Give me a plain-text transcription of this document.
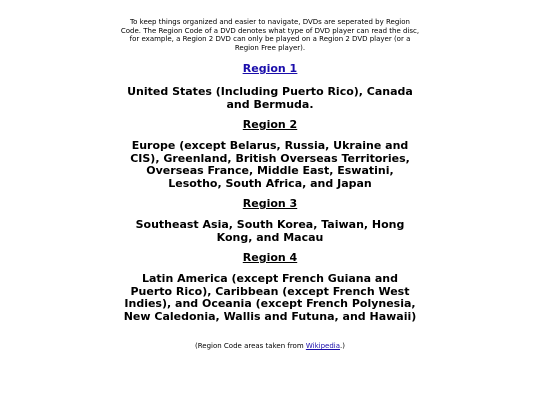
To keep things organized and easier to navigate, DVDs are seperated by Region Code. The Region Code of a DVD denotes what type of DVD player can read the disc, for example, a Region 2 DVD can only be played on a Region 2 DVD player (or a Region Free player).
Region 1
United States (Including Puerto Rico), Canada and Bermuda.
Region 2
Europe (except Belarus, Russia, Ukraine and CIS), Greenland, British Overseas Territories, Overseas France, Middle East, Eswatini, Lesotho, South Africa, and Japan
Region 3
Southeast Asia, South Korea, Taiwan, Hong Kong, and Macau
Region 4
Latin America (except French Guiana and Puerto Rico), Caribbean (except French West Indies), and Oceania (except French Polynesia, New Caledonia, Wallis and Futuna, and Hawaii)
(Region Code areas taken from Wikipedia.)
